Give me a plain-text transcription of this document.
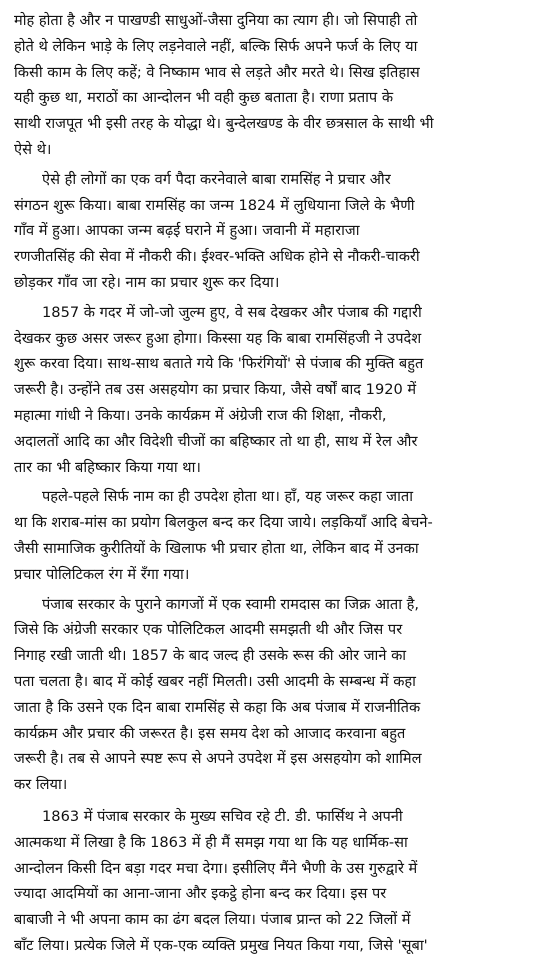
मोह होता है और न पाखण्डी साधुओं-जैसा दुनिया का त्याग ही। जो सिपाही तो
होते थे लेकिन भाड़े के लिए लड़नेवाले नहीं, बल्कि सिर्फ अपने फर्ज के लिए या
किसी काम के लिए कहें; वे निष्काम भाव से लड़ते और मरते थे। सिख इतिहास
यही कुछ था, मराठों का आन्दोलन भी वही कुछ बताता है। राणा प्रताप के
साथी राजपूत भी इसी तरह के योद्धा थे। बुन्देलखण्ड के वीर छत्रसाल के साथी भी
ऐसे थे।
ऐसे ही लोगों का एक वर्ग पैदा करनेवाले बाबा रामसिंह ने प्रचार और
संगठन शुरू किया। बाबा रामसिंह का जन्म 1824 में लुधियाना जिले के भैणी
गाँव में हुआ। आपका जन्म बढ़ई घराने में हुआ। जवानी में महाराजा
रणजीतसिंह की सेवा में नौकरी की। ईश्वर-भक्ति अधिक होने से नौकरी-चाकरी
छोड़कर गाँव जा रहे। नाम का प्रचार शुरू कर दिया।
1857 के गदर में जो-जो जुल्म हुए, वे सब देखकर और पंजाब की गद्दारी
देखकर कुछ असर जरूर हुआ होगा। किस्सा यह कि बाबा रामसिंहजी ने उपदेश
शुरू करवा दिया। साथ-साथ बताते गये कि 'फिरंगियों' से पंजाब की मुक्ति बहुत
जरूरी है। उन्होंने तब उस असहयोग का प्रचार किया, जैसे वर्षों बाद 1920 में
महात्मा गांधी ने किया। उनके कार्यक्रम में अंग्रेजी राज की शिक्षा, नौकरी,
अदालतों आदि का और विदेशी चीजों का बहिष्कार तो था ही, साथ में रेल और
तार का भी बहिष्कार किया गया था।
पहले-पहले सिर्फ नाम का ही उपदेश होता था। हाँ, यह जरूर कहा जाता
था कि शराब-मांस का प्रयोग बिलकुल बन्द कर दिया जाये। लड़कियाँ आदि बेचने-
जैसी सामाजिक कुरीतियों के खिलाफ भी प्रचार होता था, लेकिन बाद में उनका
प्रचार पोलिटिकल रंग में रँगा गया।
पंजाब सरकार के पुराने कागजों में एक स्वामी रामदास का जिक्र आता है,
जिसे कि अंग्रेजी सरकार एक पोलिटिकल आदमी समझती थी और जिस पर
निगाह रखी जाती थी। 1857 के बाद जल्द ही उसके रूस की ओर जाने का
पता चलता है। बाद में कोई खबर नहीं मिलती। उसी आदमी के सम्बन्ध में कहा
जाता है कि उसने एक दिन बाबा रामसिंह से कहा कि अब पंजाब में राजनीतिक
कार्यक्रम और प्रचार की जरूरत है। इस समय देश को आजाद करवाना बहुत
जरूरी है। तब से आपने स्पष्ट रूप से अपने उपदेश में इस असहयोग को शामिल
कर लिया।
1863 में पंजाब सरकार के मुख्य सचिव रहे टी. डी. फार्सिथ ने अपनी
आत्मकथा में लिखा है कि 1863 में ही मैं समझ गया था कि यह धार्मिक-सा
आन्दोलन किसी दिन बड़ा गदर मचा देगा। इसीलिए मैंने भैणी के उस गुरुद्वारे में
ज्यादा आदमियों का आना-जाना और इकट्ठे होना बन्द कर दिया। इस पर
बाबाजी ने भी अपना काम का ढंग बदल लिया। पंजाब प्रान्त को 22 जिलों में
बाँट लिया। प्रत्येक जिले में एक-एक व्यक्ति प्रमुख नियत किया गया, जिसे 'सूबा'
